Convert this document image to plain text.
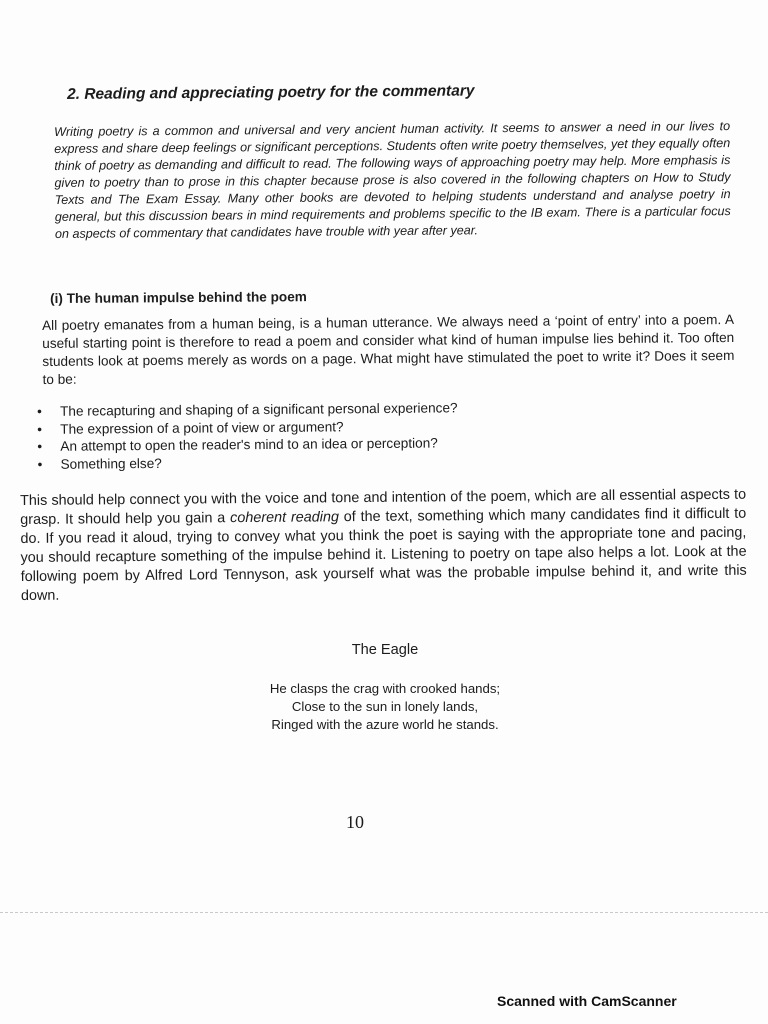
2. Reading and appreciating poetry for the commentary
Writing poetry is a common and universal and very ancient human activity. It seems to answer a need in our lives to express and share deep feelings or significant perceptions. Students often write poetry themselves, yet they equally often think of poetry as demanding and difficult to read. The following ways of approaching poetry may help. More emphasis is given to poetry than to prose in this chapter because prose is also covered in the following chapters on How to Study Texts and The Exam Essay. Many other books are devoted to helping students understand and analyse poetry in general, but this discussion bears in mind requirements and problems specific to the IB exam. There is a particular focus on aspects of commentary that candidates have trouble with year after year.
(i) The human impulse behind the poem
All poetry emanates from a human being, is a human utterance. We always need a ‘point of entry’ into a poem. A useful starting point is therefore to read a poem and consider what kind of human impulse lies behind it. Too often students look at poems merely as words on a page. What might have stimulated the poet to write it? Does it seem to be:
• The recapturing and shaping of a significant personal experience?
• The expression of a point of view or argument?
• An attempt to open the reader's mind to an idea or perception?
• Something else?
This should help connect you with the voice and tone and intention of the poem, which are all essential aspects to grasp. It should help you gain a coherent reading of the text, something which many candidates find it difficult to do. If you read it aloud, trying to convey what you think the poet is saying with the appropriate tone and pacing, you should recapture something of the impulse behind it. Listening to poetry on tape also helps a lot. Look at the following poem by Alfred Lord Tennyson, ask yourself what was the probable impulse behind it, and write this down.
The Eagle
He clasps the crag with crooked hands;
Close to the sun in lonely lands,
Ringed with the azure world he stands.
10
Scanned with CamScanner
